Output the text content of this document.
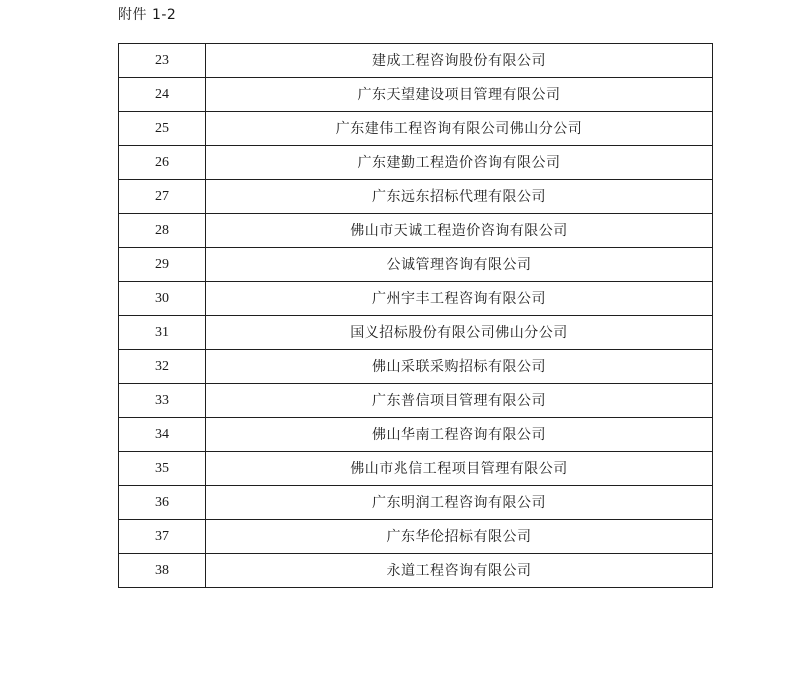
附件 1-2
23	建成工程咨询股份有限公司
24	广东天望建设项目管理有限公司
25	广东建伟工程咨询有限公司佛山分公司
26	广东建勤工程造价咨询有限公司
27	广东远东招标代理有限公司
28	佛山市天诚工程造价咨询有限公司
29	公诚管理咨询有限公司
30	广州宇丰工程咨询有限公司
31	国义招标股份有限公司佛山分公司
32	佛山采联采购招标有限公司
33	广东普信项目管理有限公司
34	佛山华南工程咨询有限公司
35	佛山市兆信工程项目管理有限公司
36	广东明润工程咨询有限公司
37	广东华伦招标有限公司
38	永道工程咨询有限公司
